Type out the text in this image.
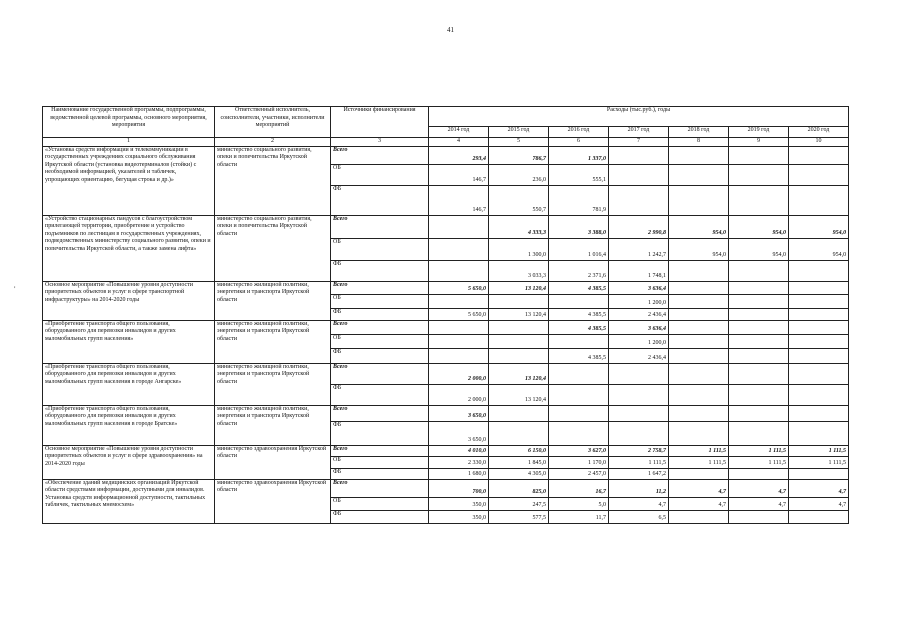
41
,
Наименование государственной программы, подпрограммы, ведомственной целевой программы, основного мероприятия, мероприятия	Ответственный исполнитель, соисполнители, участники, исполнители мероприятий	Источники финансирования	Расходы (тыс.руб.), годы						
			2014 год	2015 год	2016 год	2017 год	2018 год	2019 год	2020 год
1	2	3	4	5	6	7	8	9	10
«Установка средств информации и телекоммуникации в государственных учреждениях социального обслуживания Иркутской области (установка видеотерминалов (стойки) с необходимой информацией, указателей и табличек, упрощающих ориентацию, бегущая строка и др.)»	министерство социального развития, опеки и попечительства Иркутской области	Всего	293,4	786,7	1 337,0				
		ОБ	146,7	236,0	555,1				
		ФБ	146,7	550,7	781,9				
«Устройство стационарных пандусов с благоустройством прилегающей территории, приобретение и устройство подъемников по лестницам в государственных учреждениях, подведомственных министерству социального развития, опеки и попечительства Иркутской области, а также замена лифта»	министерство социального развития, опеки и попечительства Иркутской области	Всего		4 333,3	3 388,0	2 990,8	954,0	954,0	954,0
		ОБ		1 300,0	1 016,4	1 242,7	954,0	954,0	954,0
		ФБ		3 033,3	2 371,6	1 748,1			
Основное мероприятие «Повышение уровня доступности приоритетных объектов и услуг в сфере транспортной инфраструктуры» на 2014-2020 годы	министерство жилищной политики, энергетики и транспорта Иркутской области	Всего	5 650,0	13 120,4	4 385,5	3 636,4			
		ОБ				1 200,0			
		ФБ	5 650,0	13 120,4	4 385,5	2 436,4			
«Приобретение транспорта общего пользования, оборудованного для перевозки инвалидов и других маломобильных групп населения»	министерство жилищной политики, энергетики и транспорта Иркутской области	Всего			4 385,5	3 636,4			
		ОБ				1 200,0			
		ФБ			4 385,5	2 436,4			
«Приобретение транспорта общего пользования, оборудованного для перевозки инвалидов и других маломобильных групп населения в городе Ангарске»	министерство жилищной политики, энергетики и транспорта Иркутской области	Всего	2 000,0	13 120,4					
		ФБ	2 000,0	13 120,4					
«Приобретение транспорта общего пользования, оборудованного для перевозки инвалидов и других маломобильных групп населения в городе Братске»	министерство жилищной политики, энергетики и транспорта Иркутской области	Всего	3 650,0						
		ФБ	3 650,0						
Основное мероприятие «Повышение уровня доступности приоритетных объектов и услуг в сфере здравоохранения» на 2014-2020 годы	министерство здравоохранения Иркутской области	Всего	4 010,0	6 150,0	3 627,0	2 758,7	1 111,5	1 111,5	1 111,5
		ОБ	2 330,0	1 845,0	1 170,0	1 111,5	1 111,5	1 111,5	1 111,5
		ФБ	1 680,0	4 305,0	2 457,0	1 647,2			
«Обеспечение зданий медицинских организаций Иркутской области средствами информации, доступными для инвалидов. Установка средств информационной доступности, тактильных табличек, тактильных мнемосхем»	министерство здравоохранения Иркутской области	Всего	700,0	825,0	16,7	11,2	4,7	4,7	4,7
		ОБ	350,0	247,5	5,0	4,7	4,7	4,7	4,7
		ФБ	350,0	577,5	11,7	6,5			
